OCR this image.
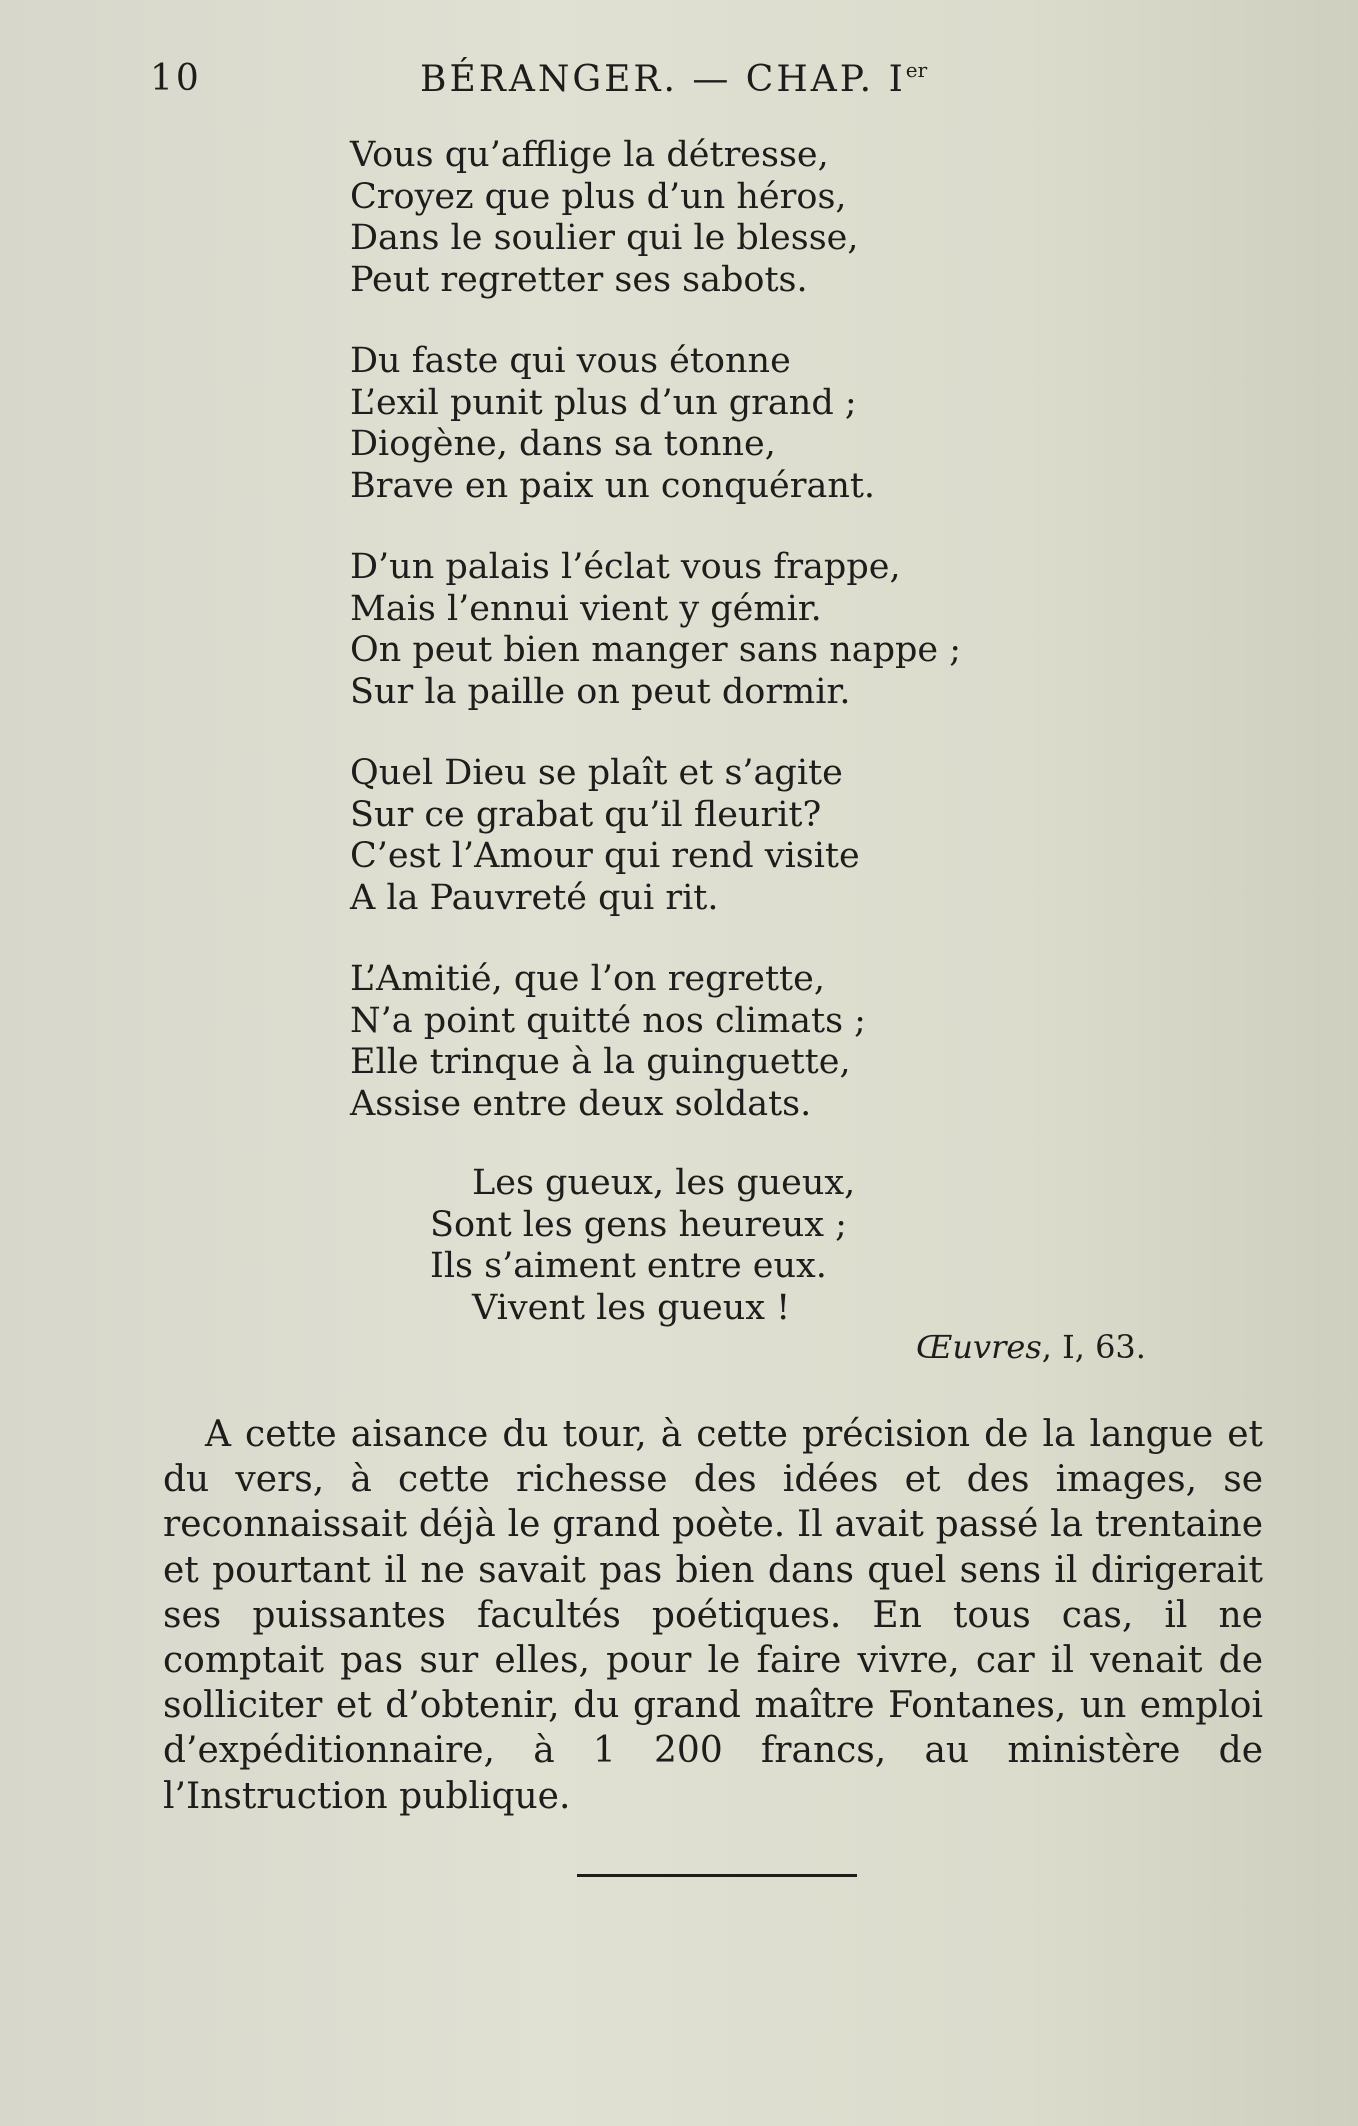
10	BÉRANGER. — CHAP. Ier
Vous qu’afflige la détresse,
Croyez que plus d’un héros,
Dans le soulier qui le blesse,
Peut regretter ses sabots.
Du faste qui vous étonne
L’exil punit plus d’un grand ;
Diogène, dans sa tonne,
Brave en paix un conquérant.
D’un palais l’éclat vous frappe,
Mais l’ennui vient y gémir.
On peut bien manger sans nappe ;
Sur la paille on peut dormir.
Quel Dieu se plaît et s’agite
Sur ce grabat qu’il fleurit?
C’est l’Amour qui rend visite
A la Pauvreté qui rit.
L’Amitié, que l’on regrette,
N’a point quitté nos climats ;
Elle trinque à la guinguette,
Assise entre deux soldats.
Les gueux, les gueux,
Sont les gens heureux ;
Ils s’aiment entre eux.
Vivent les gueux !
Œuvres, I, 63.
A cette aisance du tour, à cette précision de la langue et du vers, à cette richesse des idées et des images, se reconnaissait déjà le grand poète. Il avait passé la trentaine et pourtant il ne savait pas bien dans quel sens il dirigerait ses puissantes facultés poétiques. En tous cas, il ne comptait pas sur elles, pour le faire vivre, car il venait de solliciter et d’obtenir, du grand maître Fontanes, un emploi d’expéditionnaire, à 1 200 francs, au ministère de l’Instruction publique.
